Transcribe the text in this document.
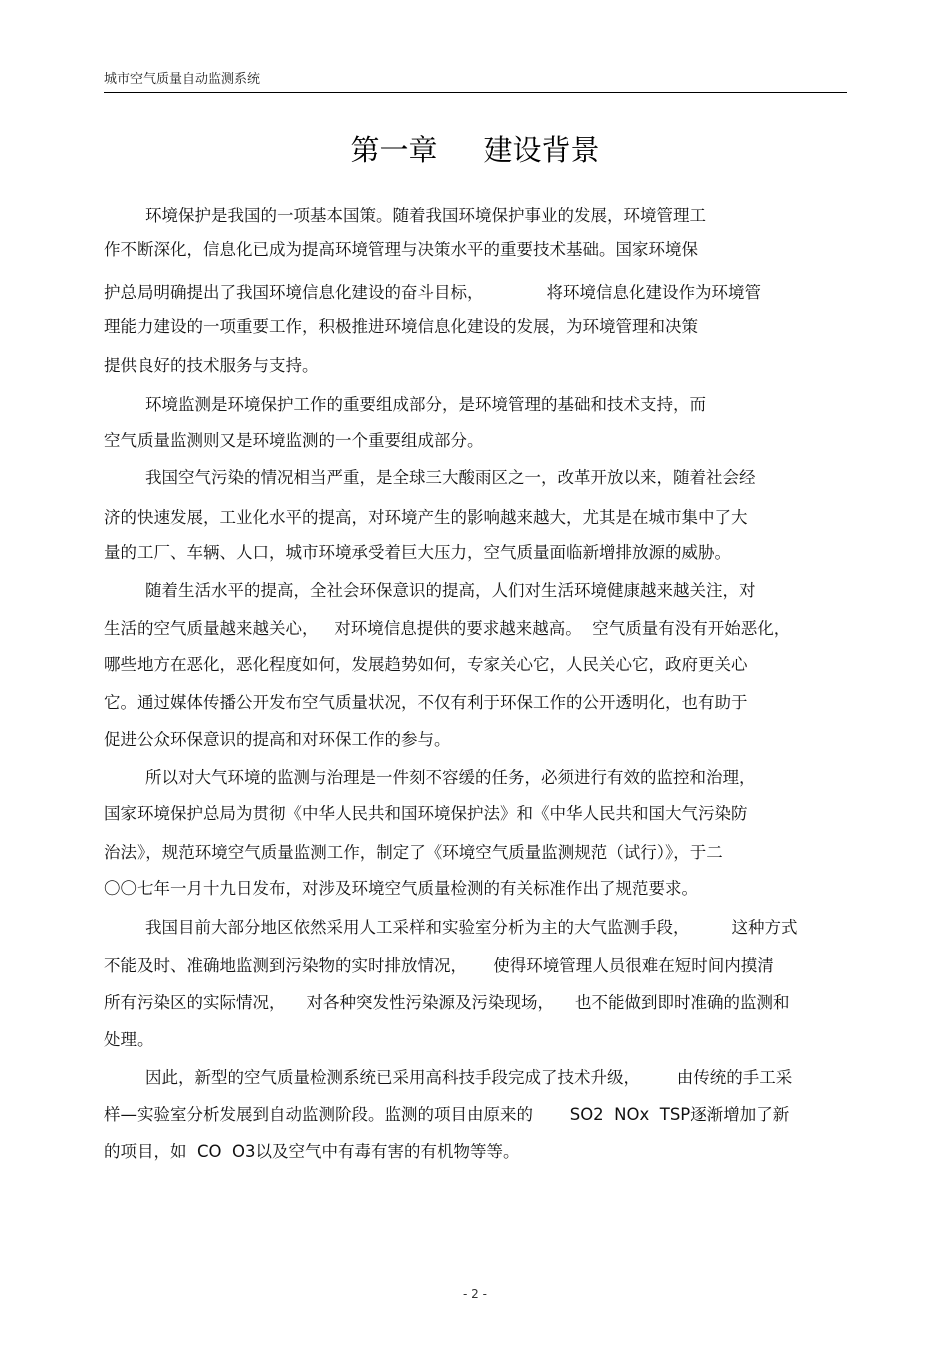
城市空气质量自动监测系统
第一章     建设背景
环境保护是我国的一项基本国策。随着我国环境保护事业的发展，环境管理工
作不断深化，信息化已成为提高环境管理与决策水平的重要技术基础。国家环境保
护总局明确提出了我国环境信息化建设的奋斗目标，            将环境信息化建设作为环境管
理能力建设的一项重要工作，积极推进环境信息化建设的发展，为环境管理和决策
提供良好的技术服务与支持。
环境监测是环境保护工作的重要组成部分，是环境管理的基础和技术支持，而
空气质量监测则又是环境监测的一个重要组成部分。
我国空气污染的情况相当严重，是全球三大酸雨区之一，改革开放以来，随着社会经
济的快速发展，工业化水平的提高，对环境产生的影响越来越大，尤其是在城市集中了大
量的工厂、车辆、人口，城市环境承受着巨大压力，空气质量面临新增排放源的威胁。
随着生活水平的提高，全社会环保意识的提高，人们对生活环境健康越来越关注，对
生活的空气质量越来越关心，   对环境信息提供的要求越来越高。  空气质量有没有开始恶化，
哪些地方在恶化，恶化程度如何，发展趋势如何，专家关心它，人民关心它，政府更关心
它。通过媒体传播公开发布空气质量状况，不仅有利于环保工作的公开透明化，也有助于
促进公众环保意识的提高和对环保工作的参与。
所以对大气环境的监测与治理是一件刻不容缓的任务，必须进行有效的监控和治理，
国家环境保护总局为贯彻《中华人民共和国环境保护法》和《中华人民共和国大气污染防
治法》，规范环境空气质量监测工作，制定了《环境空气质量监测规范（试行）》，于二
〇〇七年一月十九日发布，对涉及环境空气质量检测的有关标准作出了规范要求。
我国目前大部分地区依然采用人工采样和实验室分析为主的大气监测手段，        这种方式
不能及时、准确地监测到污染物的实时排放情况，     使得环境管理人员很难在短时间内摸清
所有污染区的实际情况，    对各种突发性污染源及污染现场，    也不能做到即时准确的监测和
处理。
因此，新型的空气质量检测系统已采用高科技手段完成了技术升级，       由传统的手工采
样—实验室分析发展到自动监测阶段。监测的项目由原来的       SO2  NOx  TSP逐渐增加了新
的项目，如  CO  O3以及空气中有毒有害的有机物等等。
- 2 -
